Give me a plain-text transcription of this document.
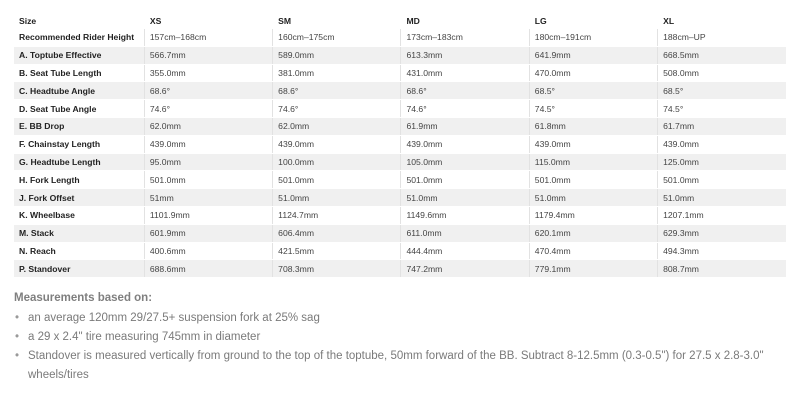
Size	XS	SM	MD	LG	XL
Recommended Rider Height	157cm–168cm	160cm–175cm	173cm–183cm	180cm–191cm	188cm–UP
A. Toptube Effective	566.7mm	589.0mm	613.3mm	641.9mm	668.5mm
B. Seat Tube Length	355.0mm	381.0mm	431.0mm	470.0mm	508.0mm
C. Headtube Angle	68.6°	68.6°	68.6°	68.5°	68.5°
D. Seat Tube Angle	74.6°	74.6°	74.6°	74.5°	74.5°
E. BB Drop	62.0mm	62.0mm	61.9mm	61.8mm	61.7mm
F. Chainstay Length	439.0mm	439.0mm	439.0mm	439.0mm	439.0mm
G. Headtube Length	95.0mm	100.0mm	105.0mm	115.0mm	125.0mm
H. Fork Length	501.0mm	501.0mm	501.0mm	501.0mm	501.0mm
J. Fork Offset	51mm	51.0mm	51.0mm	51.0mm	51.0mm
K. Wheelbase	1101.9mm	1124.7mm	1149.6mm	1179.4mm	1207.1mm
M. Stack	601.9mm	606.4mm	611.0mm	620.1mm	629.3mm
N. Reach	400.6mm	421.5mm	444.4mm	470.4mm	494.3mm
P. Standover	688.6mm	708.3mm	747.2mm	779.1mm	808.7mm
Measurements based on:
• an average 120mm 29/27.5+ suspension fork at 25% sag
• a 29 x 2.4" tire measuring 745mm in diameter
• Standover is measured vertically from ground to the top of the toptube, 50mm forward of the BB. Subtract 8-12.5mm (0.3-0.5") for 27.5 x 2.8-3.0" wheels/tires
